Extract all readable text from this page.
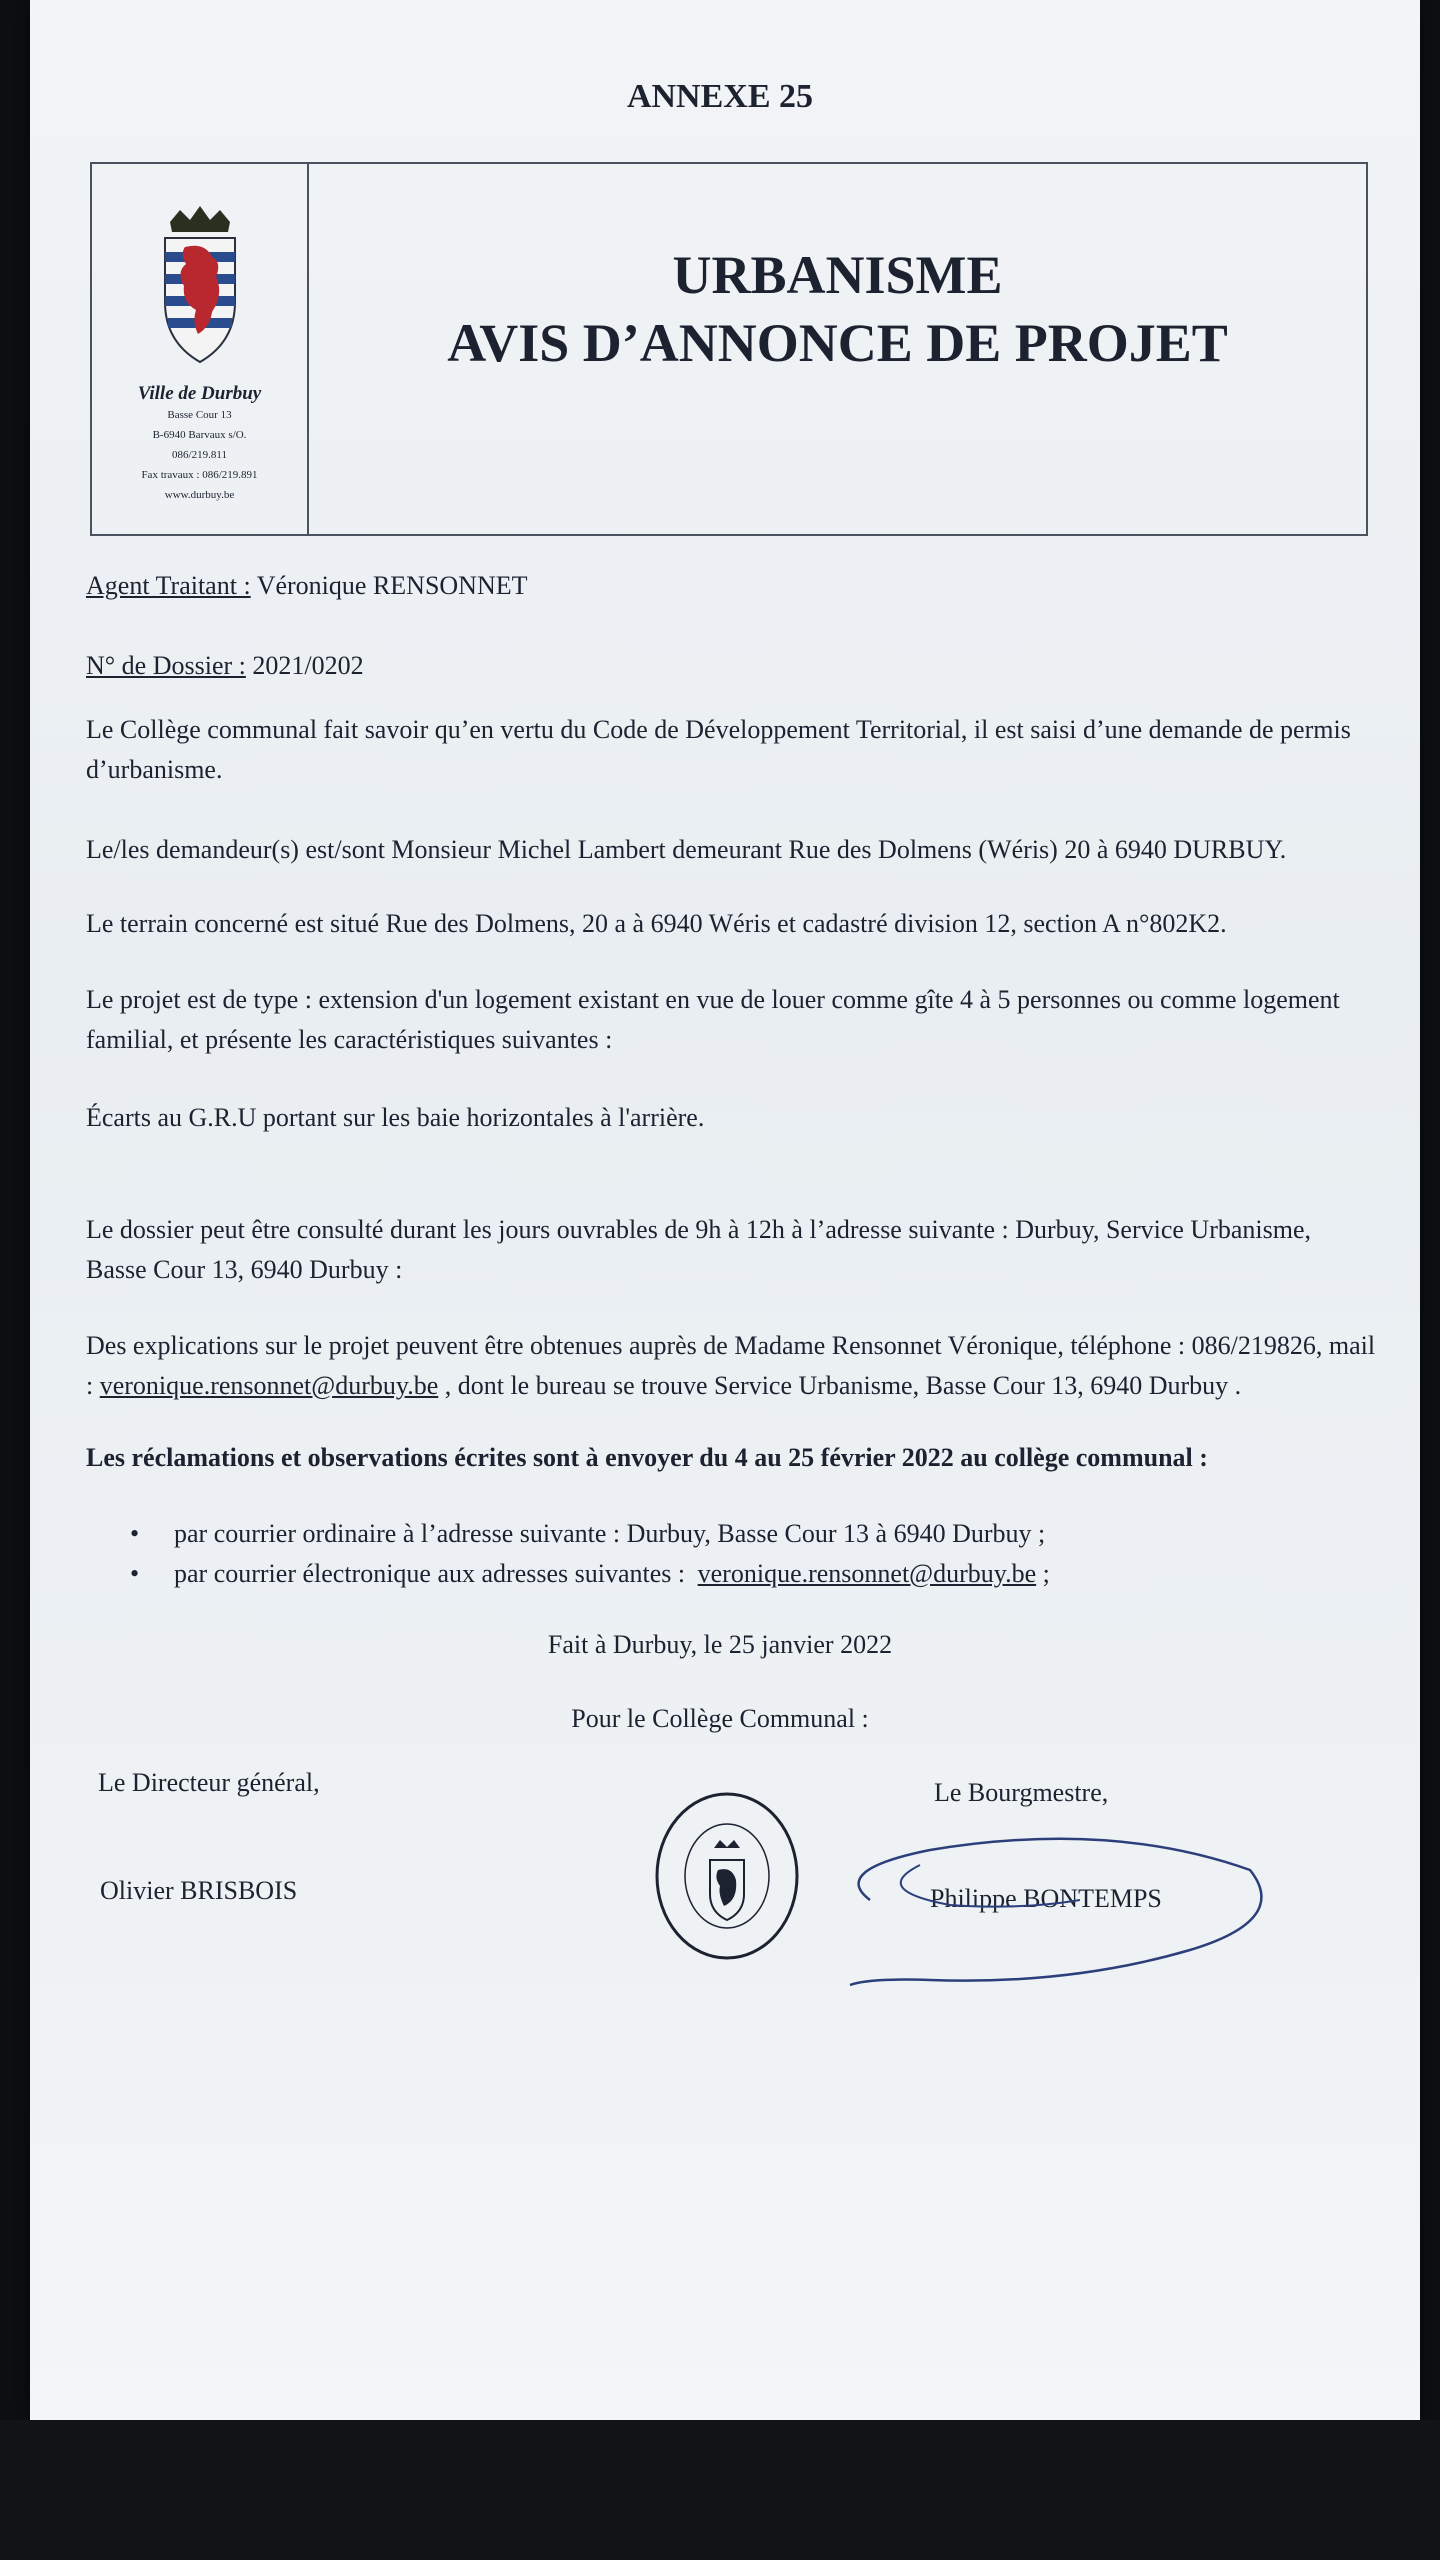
ANNEXE 25
Ville de Durbuy
Basse Cour 13
B-6940 Barvaux s/O.
086/219.811
Fax travaux : 086/219.891
www.durbuy.be
URBANISME
AVIS D’ANNONCE DE PROJET
Agent Traitant : Véronique RENSONNET
N° de Dossier : 2021/0202
Le Collège communal fait savoir qu’en vertu du Code de Développement Territorial, il est saisi d’une demande de permis d’urbanisme.
Le/les demandeur(s) est/sont Monsieur Michel Lambert demeurant Rue des Dolmens (Wéris) 20 à 6940 DURBUY.
Le terrain concerné est situé Rue des Dolmens, 20 a à 6940 Wéris et cadastré division 12, section A n°802K2.
Le projet est de type : extension d'un logement existant en vue de louer comme gîte 4 à 5 personnes ou comme logement familial, et présente les caractéristiques suivantes :
Écarts au G.R.U portant sur les baie horizontales à l'arrière.
Le dossier peut être consulté durant les jours ouvrables de 9h à 12h à l’adresse suivante : Durbuy, Service Urbanisme, Basse Cour 13, 6940 Durbuy :
Des explications sur le projet peuvent être obtenues auprès de Madame Rensonnet Véronique, téléphone : 086/219826, mail : veronique.rensonnet@durbuy.be , dont le bureau se trouve Service Urbanisme, Basse Cour 13, 6940 Durbuy .
Les réclamations et observations écrites sont à envoyer du 4 au 25 février 2022 au collège communal :
•	par courrier ordinaire à l’adresse suivante : Durbuy, Basse Cour 13 à 6940 Durbuy ;
•	par courrier électronique aux adresses suivantes : veronique.rensonnet@durbuy.be ;
Fait à Durbuy, le 25 janvier 2022
Pour le Collège Communal :
Le Directeur général,
Olivier BRISBOIS
Le Bourgmestre,
Philippe BONTEMPS
